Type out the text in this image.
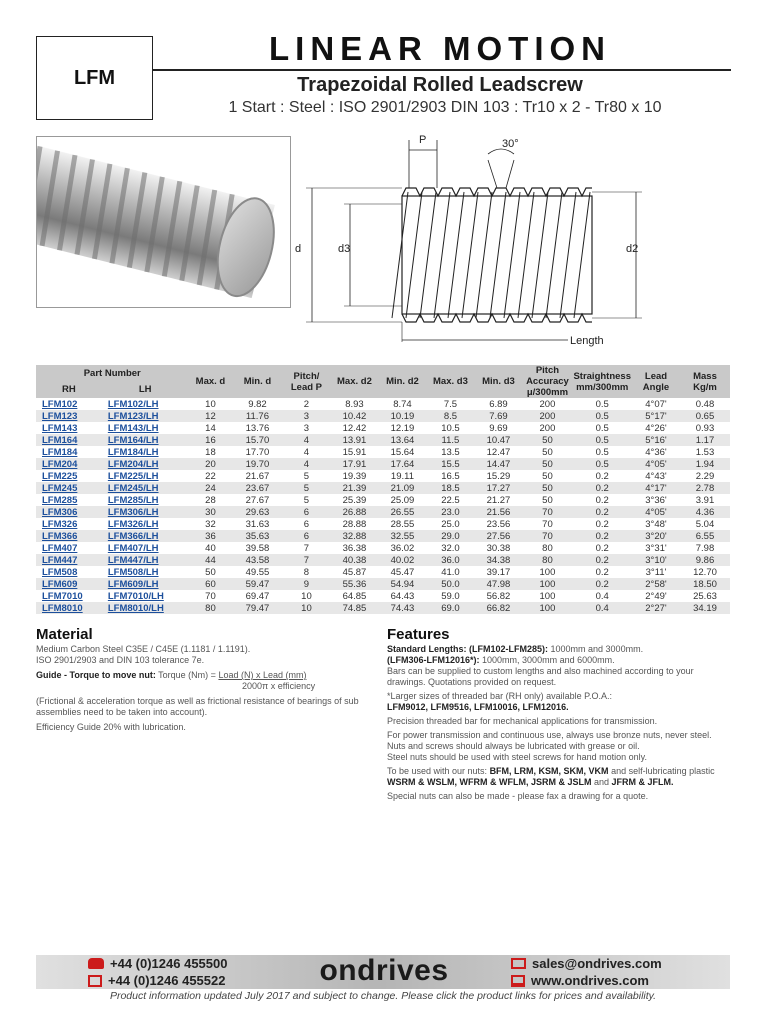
LFM
LINEAR MOTION
Trapezoidal Rolled Leadscrew
1 Start : Steel : ISO 2901/2903 DIN 103 : Tr10 x 2 - Tr80 x 10
P	30°
d	d3	d2
Length
Part Number		Max. d	Min. d	Pitch/ Lead P	Max. d2	Min. d2	Max. d3	Min. d3	Pitch Accuracy μ/300mm	Straightness mm/300mm	Lead Angle	Mass Kg/m
RH	LH											
LFM102	LFM102/LH	10	9.82	2	8.93	8.74	7.5	6.89	200	0.5	4°07'	0.48
LFM123	LFM123/LH	12	11.76	3	10.42	10.19	8.5	7.69	200	0.5	5°17'	0.65
LFM143	LFM143/LH	14	13.76	3	12.42	12.19	10.5	9.69	200	0.5	4°26'	0.93
LFM164	LFM164/LH	16	15.70	4	13.91	13.64	11.5	10.47	50	0.5	5°16'	1.17
LFM184	LFM184/LH	18	17.70	4	15.91	15.64	13.5	12.47	50	0.5	4°36'	1.53
LFM204	LFM204/LH	20	19.70	4	17.91	17.64	15.5	14.47	50	0.5	4°05'	1.94
LFM225	LFM225/LH	22	21.67	5	19.39	19.11	16.5	15.29	50	0.2	4°43'	2.29
LFM245	LFM245/LH	24	23.67	5	21.39	21.09	18.5	17.27	50	0.2	4°17'	2.78
LFM285	LFM285/LH	28	27.67	5	25.39	25.09	22.5	21.27	50	0.2	3°36'	3.91
LFM306	LFM306/LH	30	29.63	6	26.88	26.55	23.0	21.56	70	0.2	4°05'	4.36
LFM326	LFM326/LH	32	31.63	6	28.88	28.55	25.0	23.56	70	0.2	3°48'	5.04
LFM366	LFM366/LH	36	35.63	6	32.88	32.55	29.0	27.56	70	0.2	3°20'	6.55
LFM407	LFM407/LH	40	39.58	7	36.38	36.02	32.0	30.38	80	0.2	3°31'	7.98
LFM447	LFM447/LH	44	43.58	7	40.38	40.02	36.0	34.38	80	0.2	3°10'	9.86
LFM508	LFM508/LH	50	49.55	8	45.87	45.47	41.0	39.17	100	0.2	3°11'	12.70
LFM609	LFM609/LH	60	59.47	9	55.36	54.94	50.0	47.98	100	0.2	2°58'	18.50
LFM7010	LFM7010/LH	70	69.47	10	64.85	64.43	59.0	56.82	100	0.4	2°49'	25.63
LFM8010	LFM8010/LH	80	79.47	10	74.85	74.43	69.0	66.82	100	0.4	2°27'	34.19
Material
Medium Carbon Steel C35E / C45E (1.1181 / 1.1191).
ISO 2901/2903 and DIN 103 tolerance 7e.
Guide - Torque to move nut: Torque (Nm) = Load (N) x Lead (mm)
2000π x efficiency
(Frictional & acceleration torque as well as frictional resistance of bearings of sub assemblies need to be taken into account).
Efficiency Guide 20% with lubrication.
Features
Standard Lengths: (LFM102-LFM285): 1000mm and 3000mm.
(LFM306-LFM12016*): 1000mm, 3000mm and 6000mm.
Bars can be supplied to custom lengths and also machined according to your drawings. Quotations provided on request.
*Larger sizes of threaded bar (RH only) available P.O.A.:
LFM9012, LFM9516, LFM10016, LFM12016.
Precision threaded bar for mechanical applications for transmission.
For power transmission and continuous use, always use bronze nuts, never steel.
Nuts and screws should always be lubricated with grease or oil.
Steel nuts should be used with steel screws for hand motion only.
To be used with our nuts: BFM, LRM, KSM, SKM, VKM and self-lubricating plastic WSRM & WSLM, WFRM & WFLM, JSRM & JSLM and JFRM & JFLM.
Special nuts can also be made - please fax a drawing for a quote.
+44 (0)1246 455500
+44 (0)1246 455522	ondrives	sales@ondrives.com
www.ondrives.com
Product information updated July 2017 and subject to change. Please click the product links for prices and availability.
